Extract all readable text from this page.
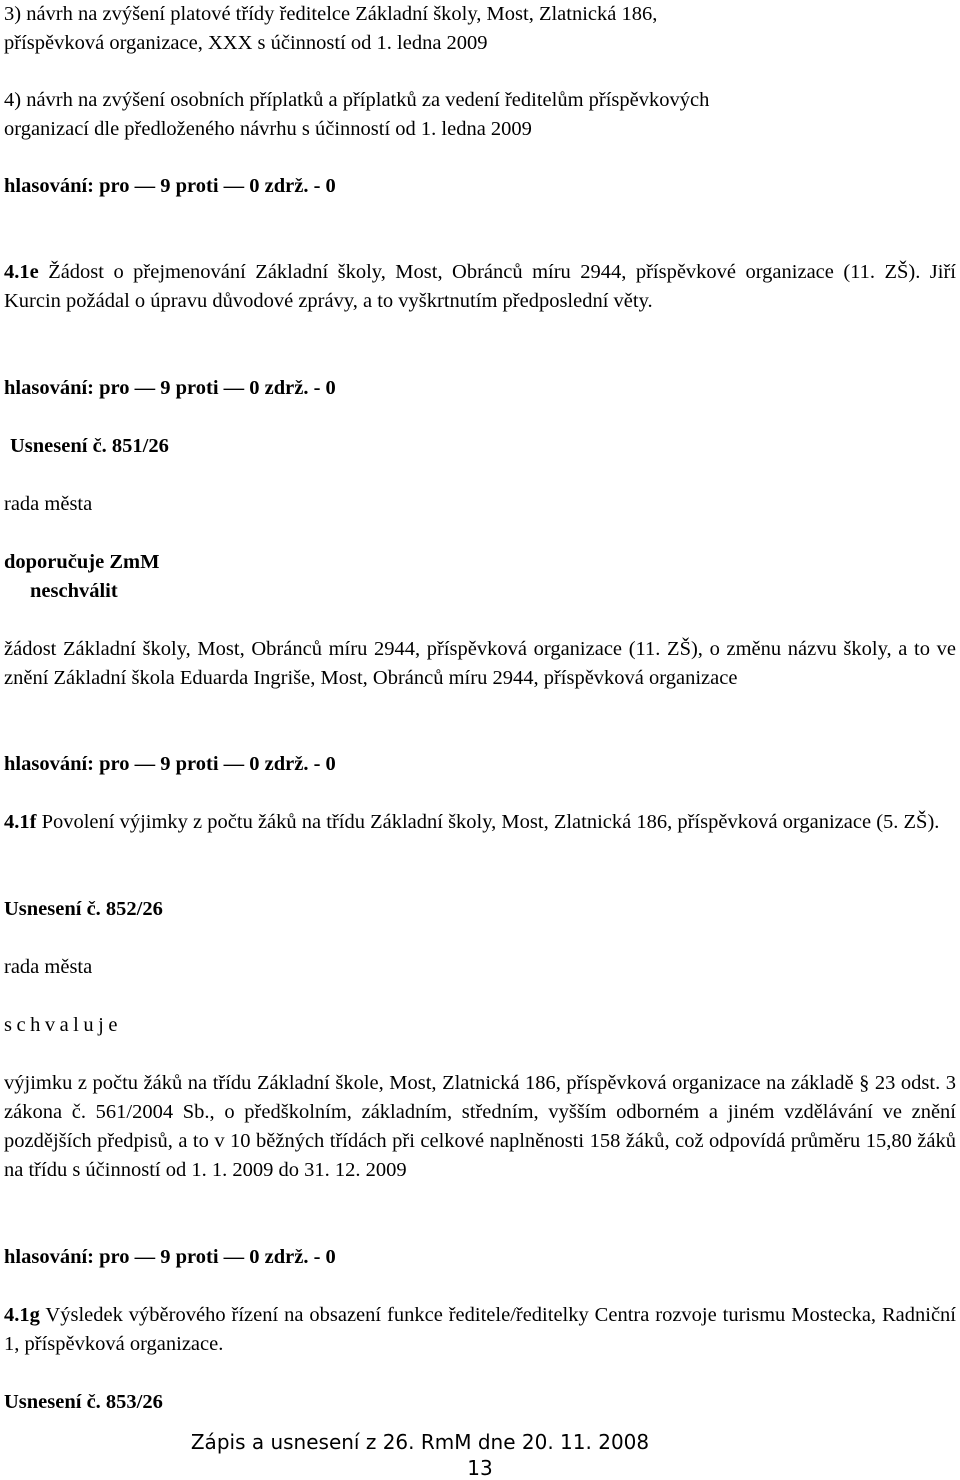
3) návrh na zvýšení platové třídy ředitelce Základní školy, Most, Zlatnická 186,
příspěvková organizace, XXX s účinností od 1. ledna 2009
4) návrh na zvýšení osobních příplatků a příplatků za vedení ředitelům příspěvkových
organizací dle předloženého návrhu s účinností od 1. ledna 2009
hlasování: pro — 9 proti — 0 zdrž. - 0
4.1e Žádost o přejmenování Základní školy, Most, Obránců míru 2944, příspěvkové organizace (11. ZŠ). Jiří Kurcin požádal o úpravu důvodové zprávy, a to vyškrtnutím předposlední věty.
hlasování: pro — 9 proti — 0 zdrž. - 0
Usnesení č. 851/26
rada města
doporučuje ZmM
neschválit
žádost Základní školy, Most, Obránců míru 2944, příspěvková organizace (11. ZŠ), o změnu názvu školy, a to ve znění Základní škola Eduarda Ingriše, Most, Obránců míru 2944, příspěvková organizace
hlasování: pro — 9 proti — 0 zdrž. - 0
4.1f Povolení výjimky z počtu žáků na třídu Základní školy, Most, Zlatnická 186, příspěvková organizace (5. ZŠ).
Usnesení č. 852/26
rada města
schvaluje
výjimku z počtu žáků na třídu Základní škole, Most, Zlatnická 186, příspěvková organizace na základě § 23 odst. 3 zákona č. 561/2004 Sb., o předškolním, základním, středním, vyšším odborném a jiném vzdělávání ve znění pozdějších předpisů, a to v 10 běžných třídách při celkové naplněnosti 158 žáků, což odpovídá průměru 15,80 žáků na třídu s účinností od 1. 1. 2009 do 31. 12. 2009
hlasování: pro — 9 proti — 0 zdrž. - 0
4.1g Výsledek výběrového řízení na obsazení funkce ředitele/ředitelky Centra rozvoje turismu Mostecka, Radniční 1, příspěvková organizace.
Usnesení č. 853/26
Zápis a usnesení z 26. RmM dne 20. 11. 2008
13
